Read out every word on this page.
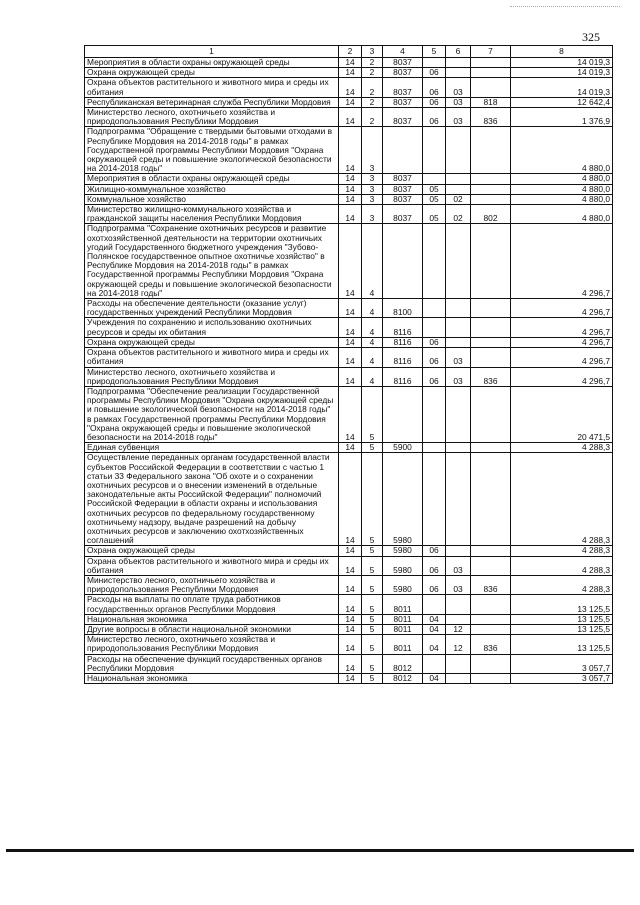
325
1	2	3	4	5	6	7	8
Мероприятия в области охраны окружающей среды	14	2	8037				14 019,3
Охрана окружающей среды	14	2	8037	06			14 019,3
Охрана объектов растительного и животного мира и среды их обитания	14	2	8037	06	03		14 019,3
Республиканская ветеринарная служба Республики Мордовия	14	2	8037	06	03	818	12 642,4
Министерство лесного, охотничьего хозяйства и природопользования Республики Мордовия	14	2	8037	06	03	836	1 376,9
Подпрограмма "Обращение с твердыми бытовыми отходами в Республике Мордовия на 2014-2018 годы" в рамках Государственной программы Республики Мордовия "Охрана окружающей среды и повышение экологической безопасности на 2014-2018 годы"	14	3					4 880,0
Мероприятия в области охраны окружающей среды	14	3	8037				4 880,0
Жилищно-коммунальное хозяйство	14	3	8037	05			4 880,0
Коммунальное хозяйство	14	3	8037	05	02		4 880,0
Министерство жилищно-коммунального хозяйства и гражданской защиты населения Республики Мордовия	14	3	8037	05	02	802	4 880,0
Подпрограмма "Сохранение охотничьих ресурсов и развитие охотхозяйственной деятельности на территории охотничьих угодий Государственного бюджетного учреждения "Зубово-Полянское государственное опытное охотничье хозяйство" в Республике Мордовия на 2014-2018 годы" в рамках Государственной программы Республики Мордовия "Охрана окружающей среды и повышение экологической безопасности на 2014-2018 годы"	14	4					4 296,7
Расходы на обеспечение деятельности (оказание услуг) государственных учреждений Республики Мордовия	14	4	8100				4 296,7
Учреждения по сохранению и использованию охотничьих ресурсов и среды их обитания	14	4	8116				4 296,7
Охрана окружающей среды	14	4	8116	06			4 296,7
Охрана объектов растительного и животного мира и среды их обитания	14	4	8116	06	03		4 296,7
Министерство лесного, охотничьего хозяйства и природопользования Республики Мордовия	14	4	8116	06	03	836	4 296,7
Подпрограмма "Обеспечение реализации Государственной программы Республики Мордовия "Охрана окружающей среды и повышение экологической безопасности на 2014-2018 годы" в рамках Государственной программы Республики Мордовия "Охрана окружающей среды и повышение экологической безопасности на 2014-2018 годы"	14	5					20 471,5
Единая субвенция	14	5	5900				4 288,3
Осуществление переданных органам государственной власти субъектов Российской Федерации в соответствии с частью 1 статьи 33 Федерального закона "Об охоте и о сохранении охотничьих ресурсов и о внесении изменений в отдельные законодательные акты Российской Федерации" полномочий Российской Федерации в области охраны и использования охотничьих ресурсов по федеральному государственному охотничьему надзору, выдаче разрешений на добычу охотничьих ресурсов и заключению охотхозяйственных соглашений	14	5	5980				4 288,3
Охрана окружающей среды	14	5	5980	06			4 288,3
Охрана объектов растительного и животного мира и среды их обитания	14	5	5980	06	03		4 288,3
Министерство лесного, охотничьего хозяйства и природопользования Республики Мордовия	14	5	5980	06	03	836	4 288,3
Расходы на выплаты по оплате труда работников государственных органов Республики Мордовия	14	5	8011				13 125,5
Национальная экономика	14	5	8011	04			13 125,5
Другие вопросы в области национальной экономики	14	5	8011	04	12		13 125,5
Министерство лесного, охотничьего хозяйства и природопользования Республики Мордовия	14	5	8011	04	12	836	13 125,5
Расходы на обеспечение функций государственных органов Республики Мордовия	14	5	8012				3 057,7
Национальная экономика	14	5	8012	04			3 057,7
